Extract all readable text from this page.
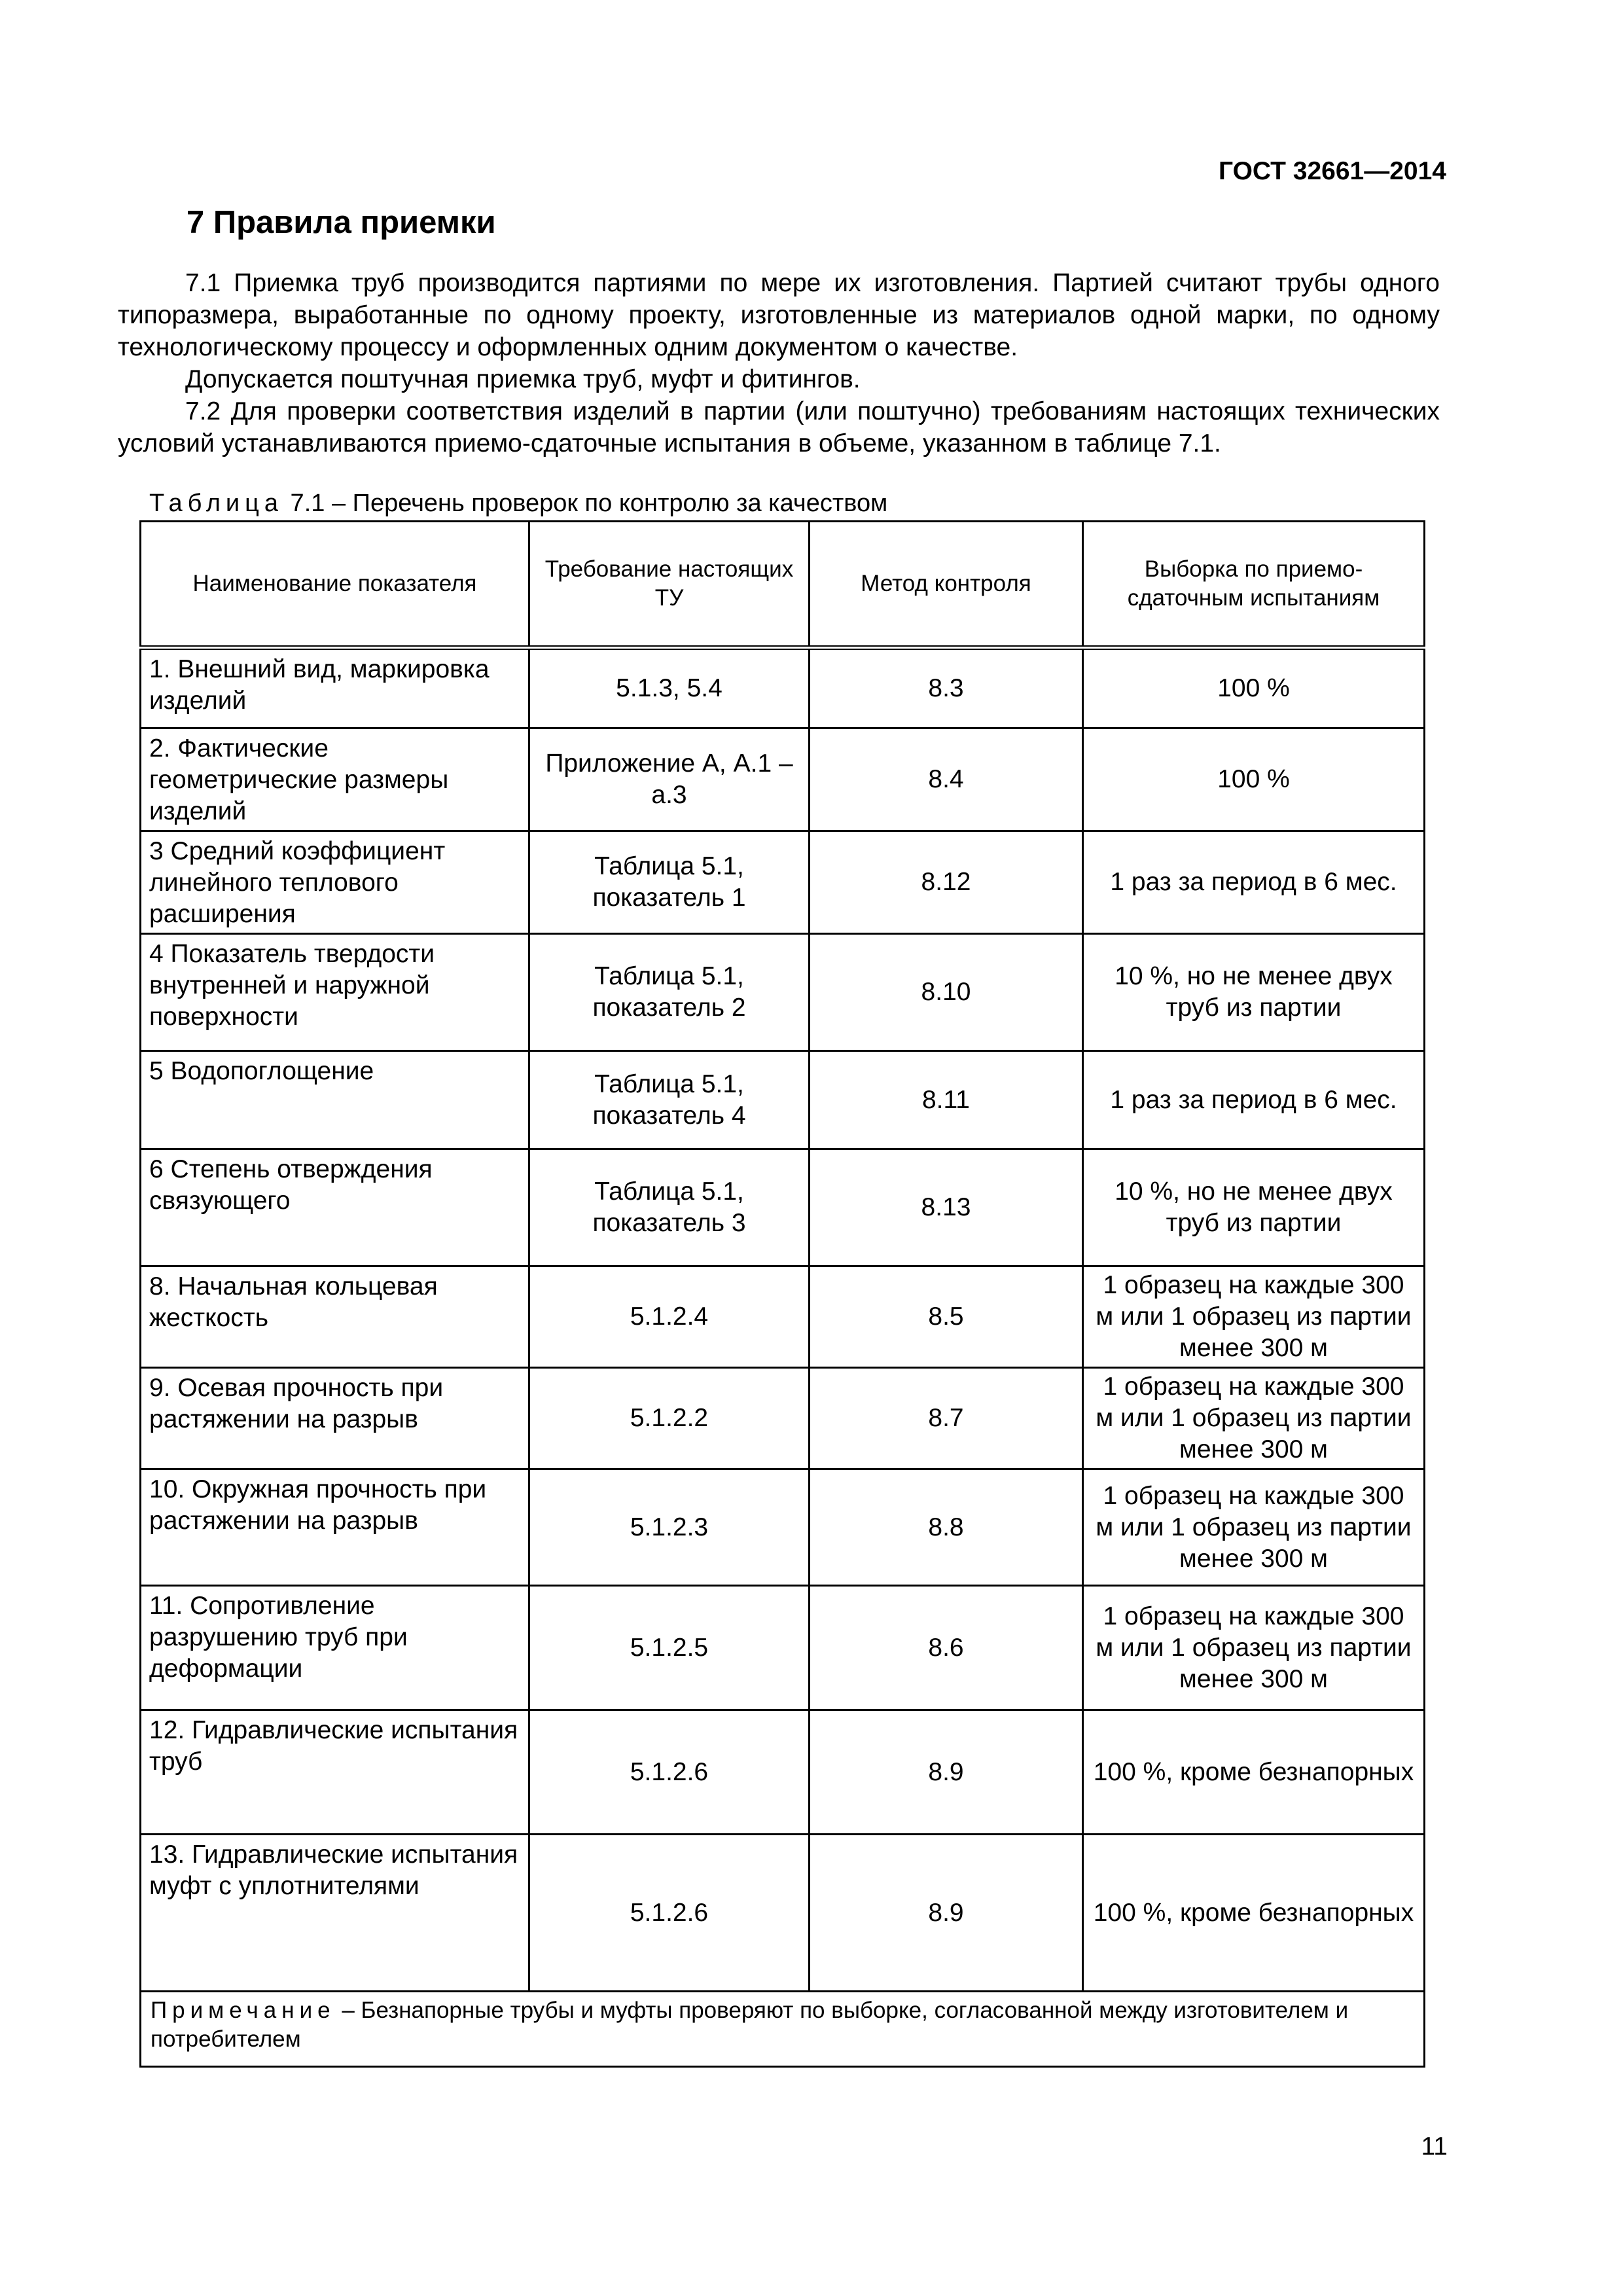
ГОСТ 32661—2014
7 Правила приемки

7.1 Приемка труб производится партиями по мере их изготовления. Партией считают трубы одного типоразмера, выработанные по одному проекту, изготовленные из материалов одной марки, по одному технологическому процессу и оформленных одним документом о качестве.

Допускается поштучная приемка труб, муфт и фитингов.

7.2 Для проверки соответствия изделий в партии (или поштучно) требованиям настоящих технических условий устанавливаются приемо-сдаточные испытания в объеме, указанном в таблице 7.1.

Таблица 7.1 – Перечень проверок по контролю за качеством
Наименование показателя	Требование настоящих ТУ	Метод контроля	Выборка по приемо-сдаточным испытаниям
1. Внешний вид, маркировка изделий	5.1.3, 5.4	8.3	100 %
2. Фактические геометрические размеры изделий	Приложение А, А.1 – а.3	8.4	100 %
3 Средний коэффициент линейного теплового расширения	Таблица 5.1, показатель 1	8.12	1 раз за период в 6 мес.
4 Показатель твердости внутренней и наружной поверхности	Таблица 5.1, показатель 2	8.10	10 %, но не менее двух труб из партии
5 Водопоглощение	Таблица 5.1, показатель 4	8.11	1 раз за период в 6 мес.
6 Степень отверждения связующего	Таблица 5.1, показатель 3	8.13	10 %, но не менее двух труб из партии
8. Начальная кольцевая жесткость	5.1.2.4	8.5	1 образец на каждые 300 м или 1 образец из партии менее 300 м
9. Осевая прочность при растяжении на разрыв	5.1.2.2	8.7	1 образец на каждые 300 м или 1 образец из партии менее 300 м
10. Окружная прочность при растяжении на разрыв	5.1.2.3	8.8	1 образец на каждые 300 м или 1 образец из партии менее 300 м
11. Сопротивление разрушению труб при деформации	5.1.2.5	8.6	1 образец на каждые 300 м или 1 образец из партии менее 300 м
12. Гидравлические испытания труб	5.1.2.6	8.9	100 %, кроме безнапорных
13. Гидравлические испытания муфт с уплотнителями	5.1.2.6	8.9	100 %, кроме безнапорных
Примечание – Безнапорные трубы и муфты проверяют по выборке, согласованной между изготовителем и потребителем			
11
